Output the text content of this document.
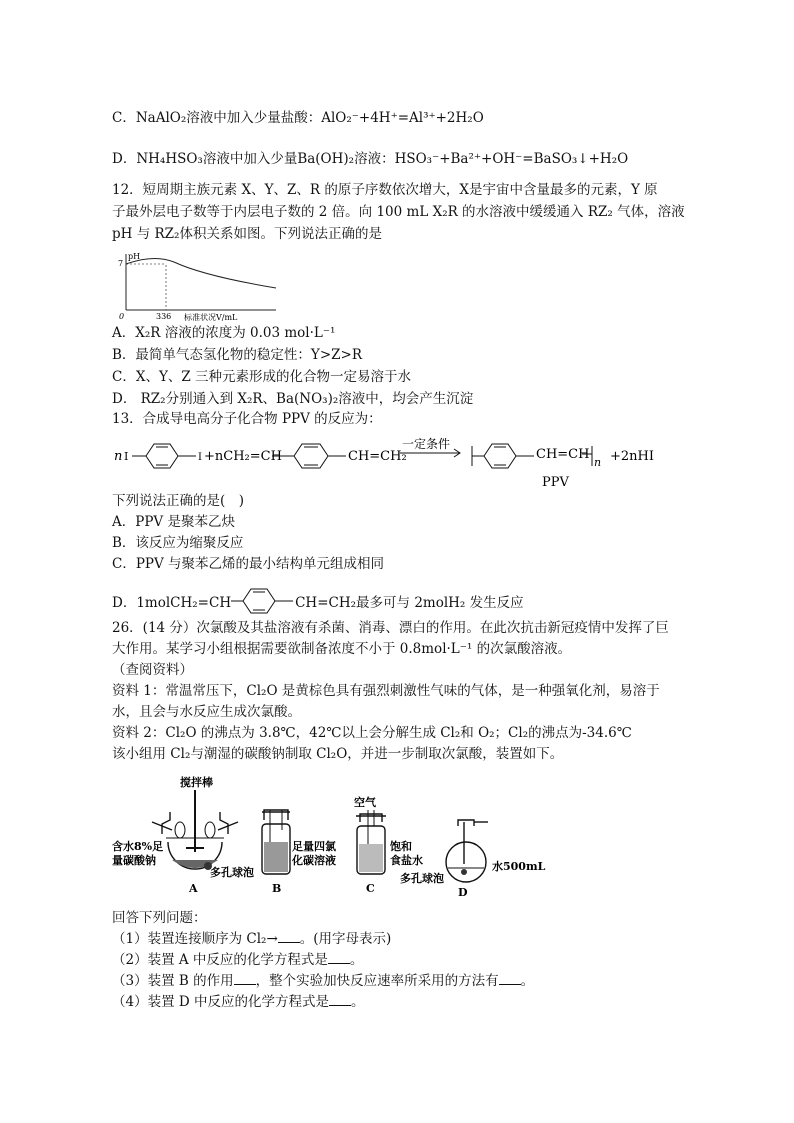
C．NaAlO₂溶液中加入少量盐酸：AlO₂⁻+4H⁺=Al³⁺+2H₂O
D．NH₄HSO₃溶液中加入少量Ba(OH)₂溶液：HSO₃⁻+Ba²⁺+OH⁻=BaSO₃↓+H₂O
12．短周期主族元素 X、Y、Z、R 的原子序数依次增大，X是宇宙中含量最多的元素，Y 原
子最外层电子数等于内层电子数的 2 倍。向 100 mL X₂R 的水溶液中缓缓通入 RZ₂ 气体，溶液
pH 与 RZ₂体积关系如图。下列说法正确的是
pH
7
0	336 标准状况V/mL
A．X₂R 溶液的浓度为 0.03 mol·L⁻¹
B．最简单气态氢化物的稳定性：Y>Z>R
C．X、Y、Z 三种元素形成的化合物一定易溶于水
D． RZ₂分别通入到 X₂R、Ba(NO₃)₂溶液中，均会产生沉淀
13．合成导电高分子化合物 PPV 的反应为：
n I	I +nCH₂=CH	CH=CH₂
一定条件
CH=CH
n +2nHI
PPV
下列说法正确的是(　)
A．PPV 是聚苯乙炔
B．该反应为缩聚反应
C．PPV 与聚苯乙烯的最小结构单元组成相同
D．1molCH₂=CH	CH=CH₂最多可与 2molH₂ 发生反应
26．(14 分）次氯酸及其盐溶液有杀菌、消毒、漂白的作用。在此次抗击新冠疫情中发挥了巨
大作用。某学习小组根据需要欲制备浓度不小于 0.8mol·L⁻¹ 的次氯酸溶液。
（查阅资料）
资料 1：常温常压下，Cl₂O 是黄棕色具有强烈刺激性气味的气体，是一种强氧化剂，易溶于
水，且会与水反应生成次氯酸。
资料 2：Cl₂O 的沸点为 3.8℃，42℃以上会分解生成 Cl₂和 O₂；Cl₂的沸点为-34.6℃
该小组用 Cl₂与潮湿的碳酸钠制取 Cl₂O，并进一步制取次氯酸，装置如下。
搅拌棒
含水8%足
量碳酸钠
多孔球泡
A
足量四氯
化碳溶液
B
空气
饱和
食盐水
C
水500mL
多孔球泡
D
回答下列问题：
（1）装置连接顺序为 Cl₂→ 。(用字母表示)
（2）装置 A 中反应的化学方程式是 。
（3）装置 B 的作用 ，整个实验加快反应速率所采用的方法有 。
（4）装置 D 中反应的化学方程式是 。
